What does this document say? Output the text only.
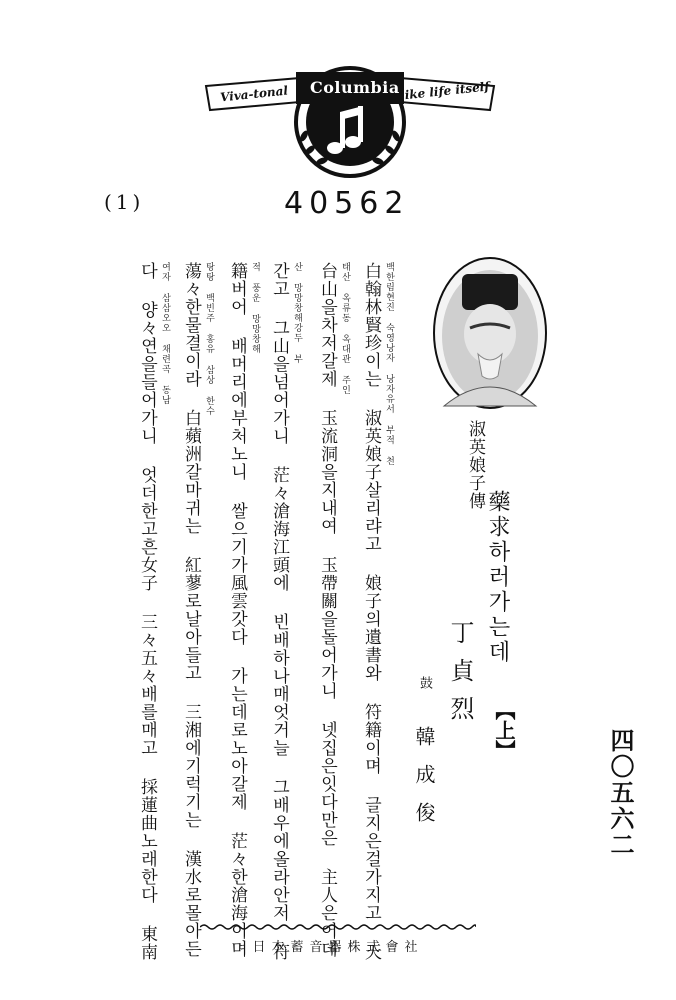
Viva-tonal Columbia like life itself
(1)	40562
四〇五六二
淑英娘子傳
藥求하러가는데
【上】
丁貞烈
鼓
韓成俊
白翰林賢珍이는 淑英娘子살리랴고 娘子의遺書와 符籍이며 글지은걸가지고 天 백한림현진 숙영낭자 낭자유서 부적 천
台山을차저갈제 玉流洞을지내여 玉帶關을돌어가니 넷집은잇다만은 主人은어데 태산 옥류동 옥대관 주인
간고 그山을넘어가니 茫々滄海江頭에 빈배하나매엇거늘 그배우에올라안저 符 산 망망창해강두 부
籍버어 배머리에부처노니 쌀으기가風雲갓다 가는데로노아갈제 茫々한滄海이며 적 풍운 망망창해
蕩々한물결이라 白蘋洲갈마귀는 紅蓼로날아들고 三湘에기럭기는 漢水로몰아든 탕탕 백빈주 홍유 삼상 한수
다 양々연을들어가니 엇더한고흔女子 三々五々배를매고 採蓮曲노래한다 東南 여자 삼삼오오 채련곡 동남
日本蓄音器株式會社
